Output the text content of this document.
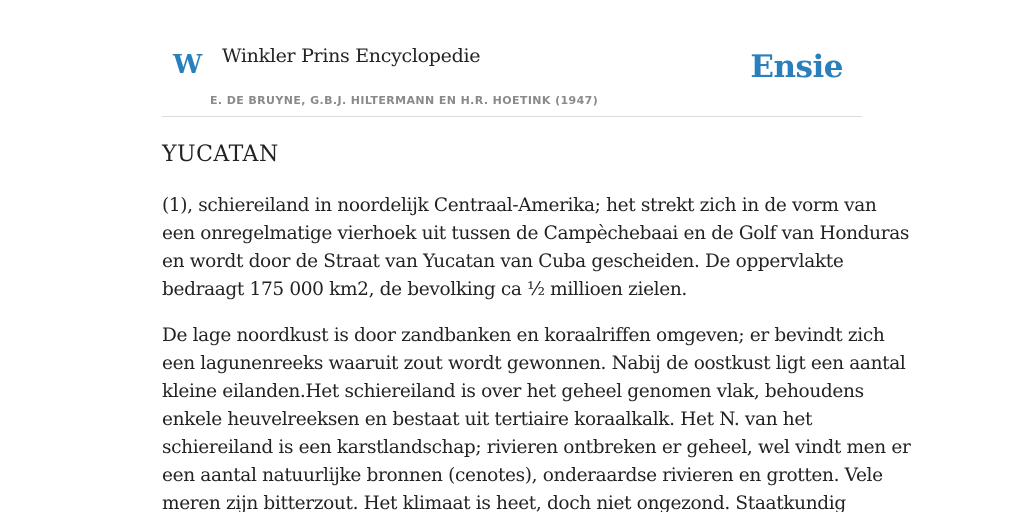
W Winkler Prins Encyclopedie
E. DE BRUYNE, G.B.J. HILTERMANN EN H.R. HOETINK (1947)
Ensie
YUCATAN

(1), schiereiland in noordelijk Centraal-Amerika; het strekt zich in de vorm van
een onregelmatige vierhoek uit tussen de Campèchebaai en de Golf van Honduras
en wordt door de Straat van Yucatan van Cuba gescheiden. De oppervlakte
bedraagt 175 000 km2, de bevolking ca ½ millioen zielen.

De lage noordkust is door zandbanken en koraalriffen omgeven; er bevindt zich
een lagunenreeks waaruit zout wordt gewonnen. Nabij de oostkust ligt een aantal
kleine eilanden.Het schiereiland is over het geheel genomen vlak, behoudens
enkele heuvelreeksen en bestaat uit tertiaire koraalkalk. Het N. van het
schiereiland is een karstlandschap; rivieren ontbreken er geheel, wel vindt men er
een aantal natuurlijke bronnen (cenotes), onderaardse rivieren en grotten. Vele
meren zijn bitterzout. Het klimaat is heet, doch niet ongezond. Staatkundig
